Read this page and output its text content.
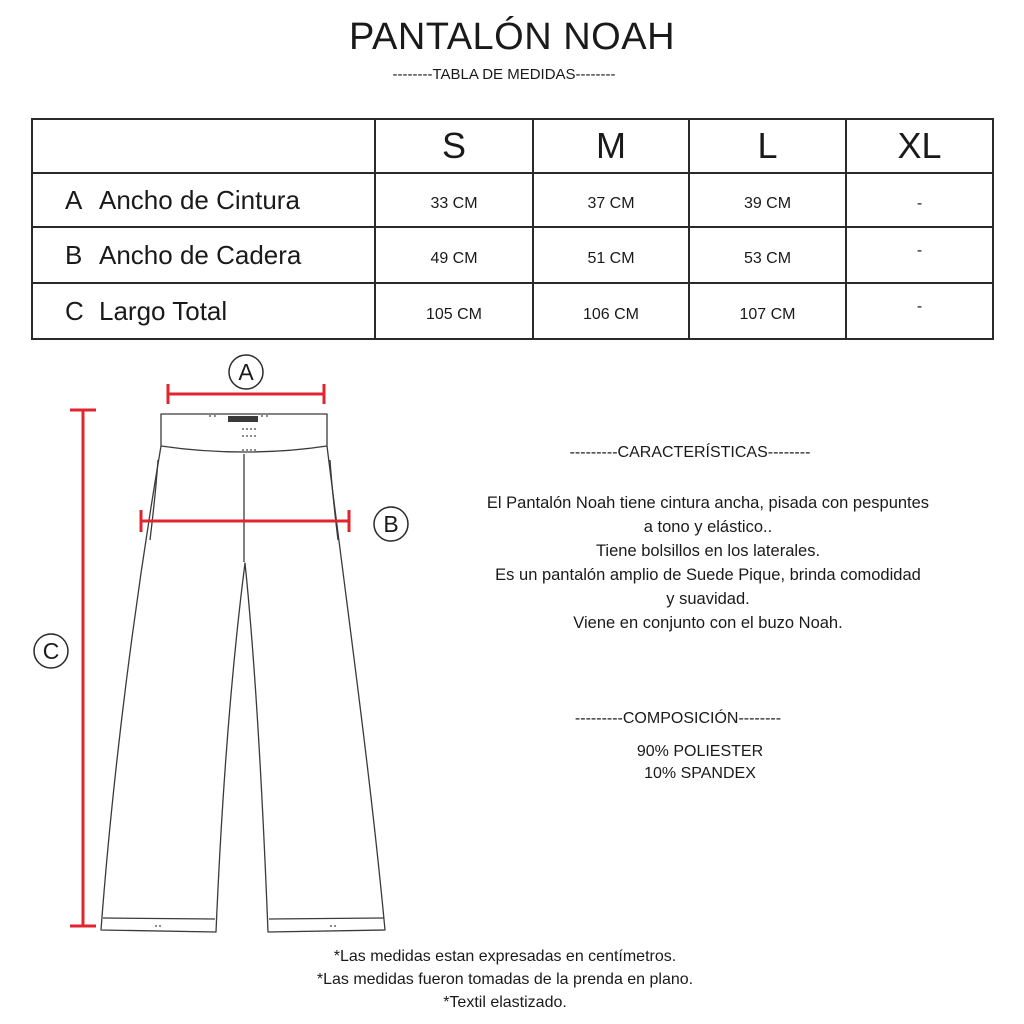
PANTALÓN NOAH
--------TABLA DE MEDIDAS--------
	S	M	L	XL
A Ancho de Cintura	33 CM	37 CM	39 CM	-
B Ancho de Cadera	49 CM	51 CM	53 CM	-
C Largo Total	105 CM	106 CM	107 CM	-
A
B
C
---------CARACTERÍSTICAS--------
El Pantalón Noah tiene cintura ancha, pisada con pespuntes
a tono y elástico..
Tiene bolsillos en los laterales.
Es un pantalón amplio de Suede Pique, brinda comodidad
y suavidad.
Viene en conjunto con el buzo Noah.
---------COMPOSICIÓN--------
90% POLIESTER
10% SPANDEX
*Las medidas estan expresadas en centímetros.
*Las medidas fueron tomadas de la prenda en plano.
*Textil elastizado.
